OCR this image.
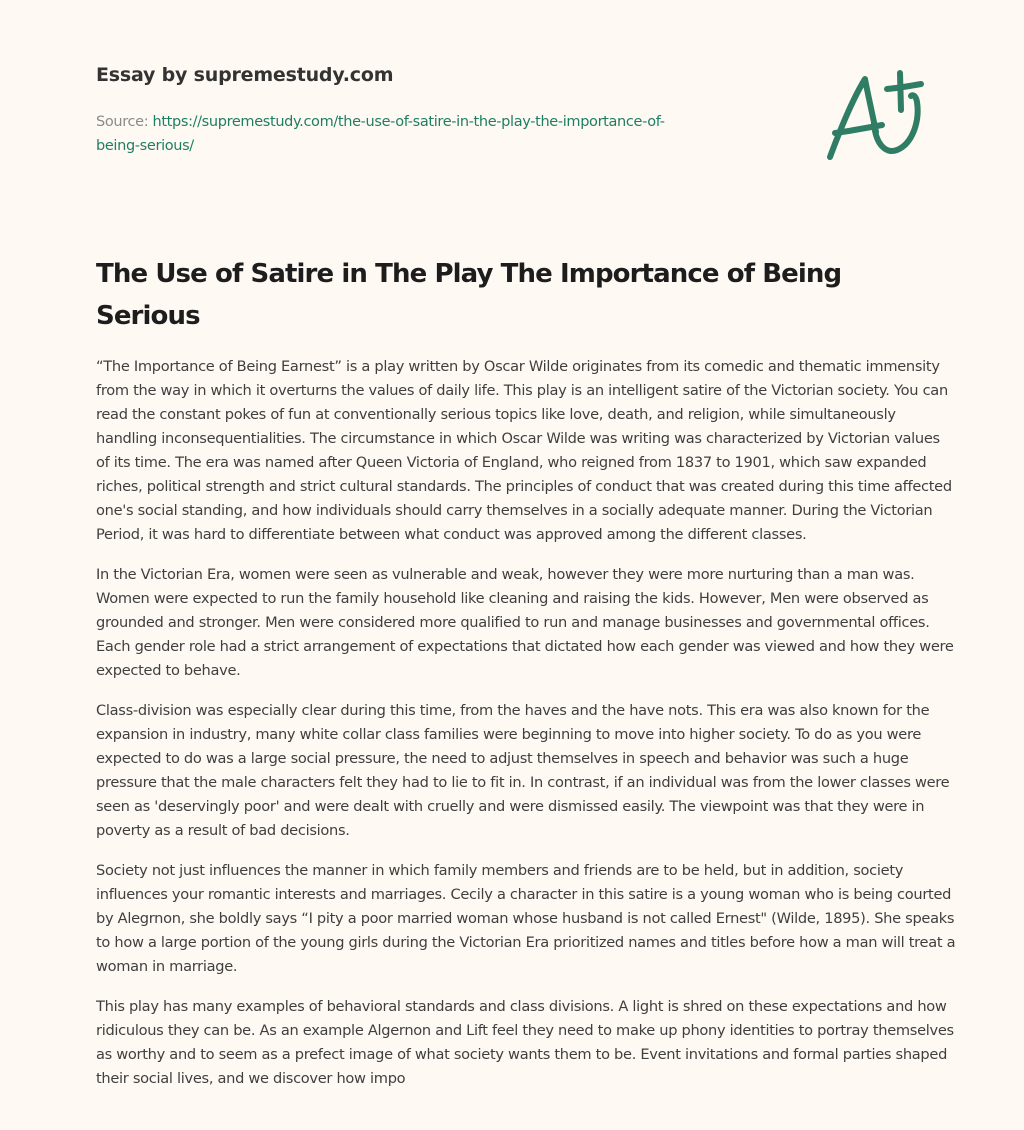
Essay by supremestudy.com
Source: https://supremestudy.com/the-use-of-satire-in-the-play-the-importance-of-
being-serious/
The Use of Satire in The Play The Importance of Being Serious

“The Importance of Being Earnest” is a play written by Oscar Wilde originates from its comedic and thematic immensity from the way in which it overturns the values of daily life. This play is an intelligent satire of the Victorian society. You can read the constant pokes of fun at conventionally serious topics like love, death, and religion, while simultaneously handling inconsequentialities. The circumstance in which Oscar Wilde was writing was characterized by Victorian values of its time. The era was named after Queen Victoria of England, who reigned from 1837 to 1901, which saw expanded riches, political strength and strict cultural standards. The principles of conduct that was created during this time affected one's social standing, and how individuals should carry themselves in a socially adequate manner. During the Victorian Period, it was hard to differentiate between what conduct was approved among the different classes.

In the Victorian Era, women were seen as vulnerable and weak, however they were more nurturing than a man was. Women were expected to run the family household like cleaning and raising the kids. However, Men were observed as grounded and stronger. Men were considered more qualified to run and manage businesses and governmental offices. Each gender role had a strict arrangement of expectations that dictated how each gender was viewed and how they were expected to behave.

Class-division was especially clear during this time, from the haves and the have nots. This era was also known for the expansion in industry, many white collar class families were beginning to move into higher society. To do as you were expected to do was a large social pressure, the need to adjust themselves in speech and behavior was such a huge pressure that the male characters felt they had to lie to fit in. In contrast, if an individual was from the lower classes were seen as 'deservingly poor' and were dealt with cruelly and were dismissed easily. The viewpoint was that they were in poverty as a result of bad decisions.

Society not just influences the manner in which family members and friends are to be held, but in addition, society influences your romantic interests and marriages. Cecily a character in this satire is a young woman who is being courted by Alegrnon, she boldly says “I pity a poor married woman whose husband is not called Ernest" (Wilde, 1895). She speaks to how a large portion of the young girls during the Victorian Era prioritized names and titles before how a man will treat a woman in marriage.

This play has many examples of behavioral standards and class divisions. A light is shred on these expectations and how ridiculous they can be. As an example Algernon and Lift feel they need to make up phony identities to portray themselves as worthy and to seem as a prefect image of what society wants them to be. Event invitations and formal parties shaped their social lives, and we discover how impo
